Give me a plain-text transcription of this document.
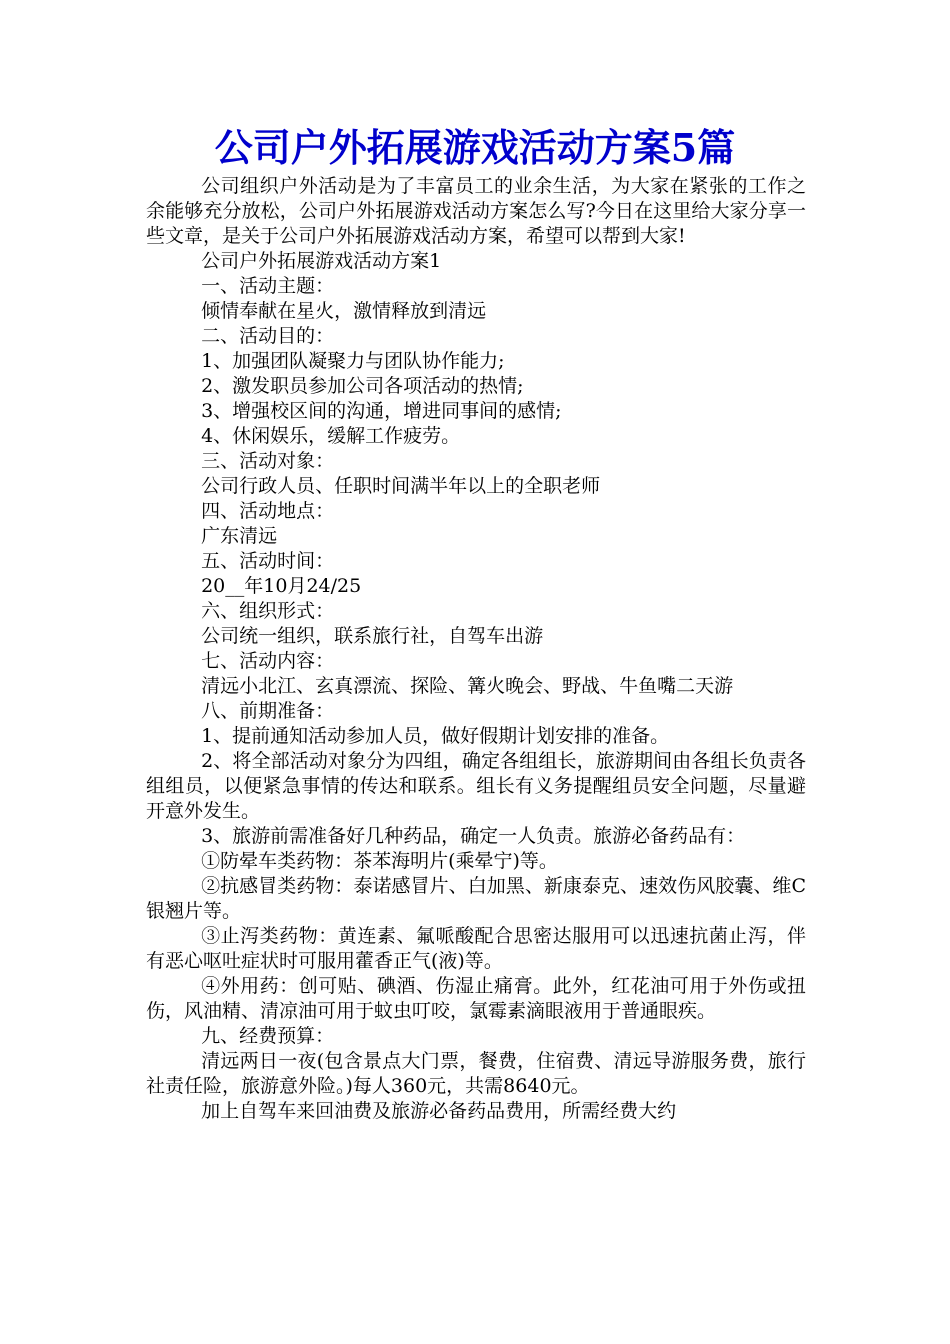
公司户外拓展游戏活动方案5篇

公司组织户外活动是为了丰富员工的业余生活，为大家在紧张的工作之余能够充分放松，公司户外拓展游戏活动方案怎么写?今日在这里给大家分享一些文章，是关于公司户外拓展游戏活动方案，希望可以帮到大家!

公司户外拓展游戏活动方案1

一、活动主题：

倾情奉献在星火，激情释放到清远

二、活动目的：

1、加强团队凝聚力与团队协作能力;

2、激发职员参加公司各项活动的热情;

3、增强校区间的沟通，增进同事间的感情;

4、休闲娱乐，缓解工作疲劳。

三、活动对象：

公司行政人员、任职时间满半年以上的全职老师

四、活动地点：

广东清远

五、活动时间：

20__年10月24/25

六、组织形式：

公司统一组织，联系旅行社，自驾车出游

七、活动内容：

清远小北江、玄真漂流、探险、篝火晚会、野战、牛鱼嘴二天游

八、前期准备：

1、提前通知活动参加人员，做好假期计划安排的准备。

2、将全部活动对象分为四组，确定各组组长，旅游期间由各组长负责各组组员，以便紧急事情的传达和联系。组长有义务提醒组员安全问题，尽量避开意外发生。

3、旅游前需准备好几种药品，确定一人负责。旅游必备药品有：

①防晕车类药物：茶苯海明片(乘晕宁)等。

②抗感冒类药物：泰诺感冒片、白加黑、新康泰克、速效伤风胶囊、维C银翘片等。

③止泻类药物：黄连素、氟哌酸配合思密达服用可以迅速抗菌止泻，伴有恶心呕吐症状时可服用藿香正气(液)等。

④外用药：创可贴、碘酒、伤湿止痛膏。此外，红花油可用于外伤或扭伤，风油精、清凉油可用于蚊虫叮咬，氯霉素滴眼液用于普通眼疾。

九、经费预算：

清远两日一夜(包含景点大门票，餐费，住宿费、清远导游服务费，旅行社责任险，旅游意外险。)每人360元，共需8640元。

加上自驾车来回油费及旅游必备药品费用，所需经费大约
